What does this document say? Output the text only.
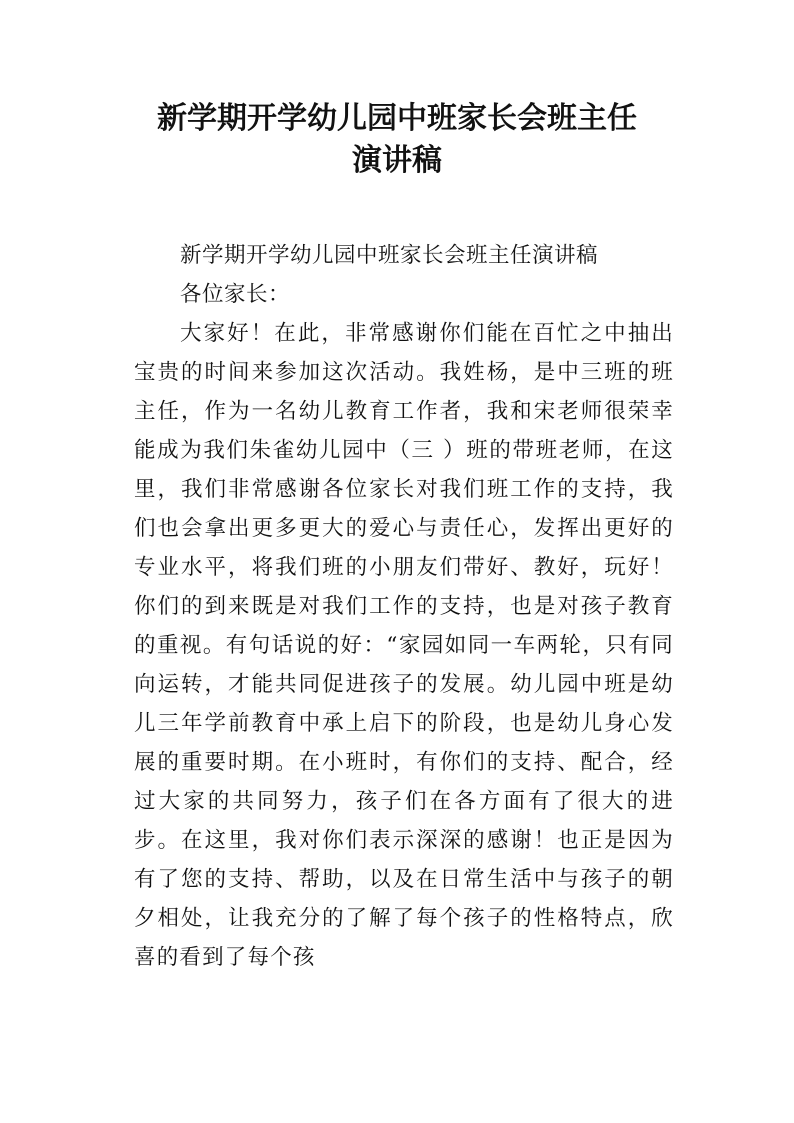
新学期开学幼儿园中班家长会班主任
演讲稿

新学期开学幼儿园中班家长会班主任演讲稿

各位家长：

大家好！在此，非常感谢你们能在百忙之中抽出宝贵的时间来参加这次活动。我姓杨，是中三班的班主任，作为一名幼儿教育工作者，我和宋老师很荣幸能成为我们朱雀幼儿园中（三 ）班的带班老师，在这里，我们非常感谢各位家长对我们班工作的支持，我们也会拿出更多更大的爱心与责任心，发挥出更好的专业水平，将我们班的小朋友们带好、教好，玩好！你们的到来既是对我们工作的支持，也是对孩子教育的重视。有句话说的好：“家园如同一车两轮，只有同向运转，才能共同促进孩子的发展。幼儿园中班是幼儿三年学前教育中承上启下的阶段，也是幼儿身心发展的重要时期。在小班时，有你们的支持、配合，经过大家的共同努力，孩子们在各方面有了很大的进步。在这里，我对你们表示深深的感谢！也正是因为有了您的支持、帮助，以及在日常生活中与孩子的朝夕相处，让我充分的了解了每个孩子的性格特点，欣喜的看到了每个孩
